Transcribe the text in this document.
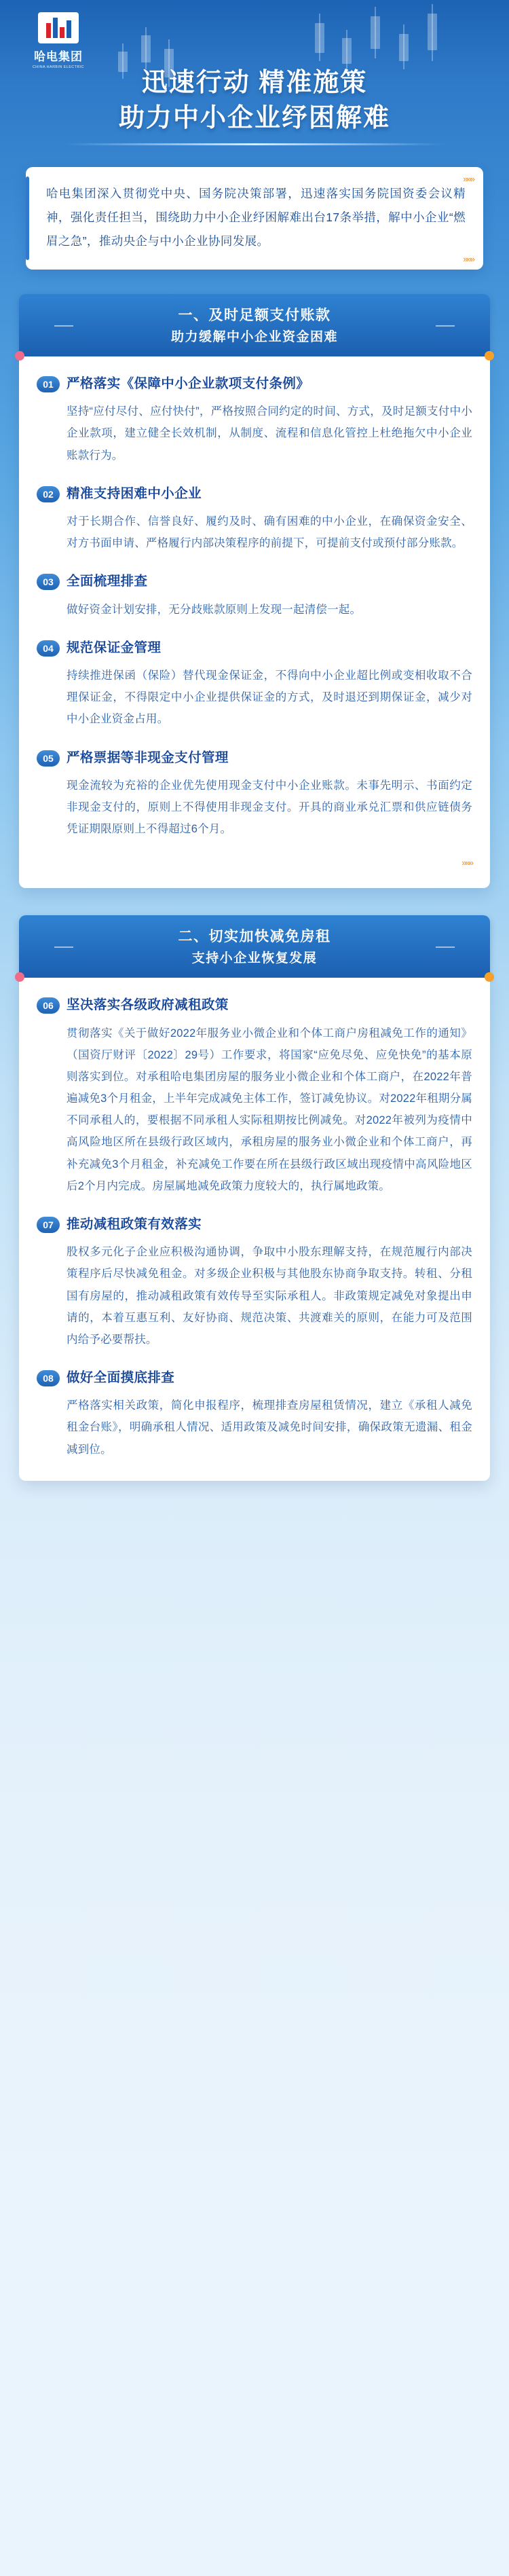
哈电集团
CHINA HARBIN ELECTRIC
迅速行动 精准施策
助力中小企业纾困解难
»»»

哈电集团深入贯彻党中央、国务院决策部署，迅速落实国务院国资委会议精神，强化责任担当，围绕助力中小企业纾困解难出台17条举措，解中小企业“燃眉之急”，推动央企与中小企业协同发展。

»»»
一、及时足额支付账款
助力缓解中小企业资金困难
01 严格落实《保障中小企业款项支付条例》
坚持“应付尽付、应付快付”，严格按照合同约定的时间、方式，及时足额支付中小企业款项，建立健全长效机制，从制度、流程和信息化管控上杜绝拖欠中小企业账款行为。
02 精准支持困难中小企业
对于长期合作、信誉良好、履约及时、确有困难的中小企业，在确保资金安全、对方书面申请、严格履行内部决策程序的前提下，可提前支付或预付部分账款。
03 全面梳理排查
做好资金计划安排，无分歧账款原则上发现一起清偿一起。
04 规范保证金管理
持续推进保函（保险）替代现金保证金，不得向中小企业超比例或变相收取不合理保证金，不得限定中小企业提供保证金的方式，及时退还到期保证金，减少对中小企业资金占用。
05 严格票据等非现金支付管理
现金流较为充裕的企业优先使用现金支付中小企业账款。未事先明示、书面约定非现金支付的，原则上不得使用非现金支付。开具的商业承兑汇票和供应链债务凭证期限原则上不得超过6个月。
»»»
二、切实加快减免房租
支持小企业恢复发展
06 坚决落实各级政府减租政策
贯彻落实《关于做好2022年服务业小微企业和个体工商户房租减免工作的通知》（国资厅财评〔2022〕29号）工作要求，将国家“应免尽免、应免快免”的基本原则落实到位。对承租哈电集团房屋的服务业小微企业和个体工商户，在2022年普遍减免3个月租金，上半年完成减免主体工作，签订减免协议。对2022年租期分属不同承租人的，要根据不同承租人实际租期按比例减免。对2022年被列为疫情中高风险地区所在县级行政区域内，承租房屋的服务业小微企业和个体工商户，再补充减免3个月租金，补充减免工作要在所在县级行政区域出现疫情中高风险地区后2个月内完成。房屋属地减免政策力度较大的，执行属地政策。
07 推动减租政策有效落实
股权多元化子企业应积极沟通协调，争取中小股东理解支持，在规范履行内部决策程序后尽快减免租金。对多级企业积极与其他股东协商争取支持。转租、分租国有房屋的，推动减租政策有效传导至实际承租人。非政策规定减免对象提出申请的，本着互惠互利、友好协商、规范决策、共渡难关的原则，在能力可及范围内给予必要帮扶。
08 做好全面摸底排查
严格落实相关政策，简化申报程序，梳理排查房屋租赁情况，建立《承租人减免租金台账》，明确承租人情况、适用政策及减免时间安排，确保政策无遗漏、租金减到位。
